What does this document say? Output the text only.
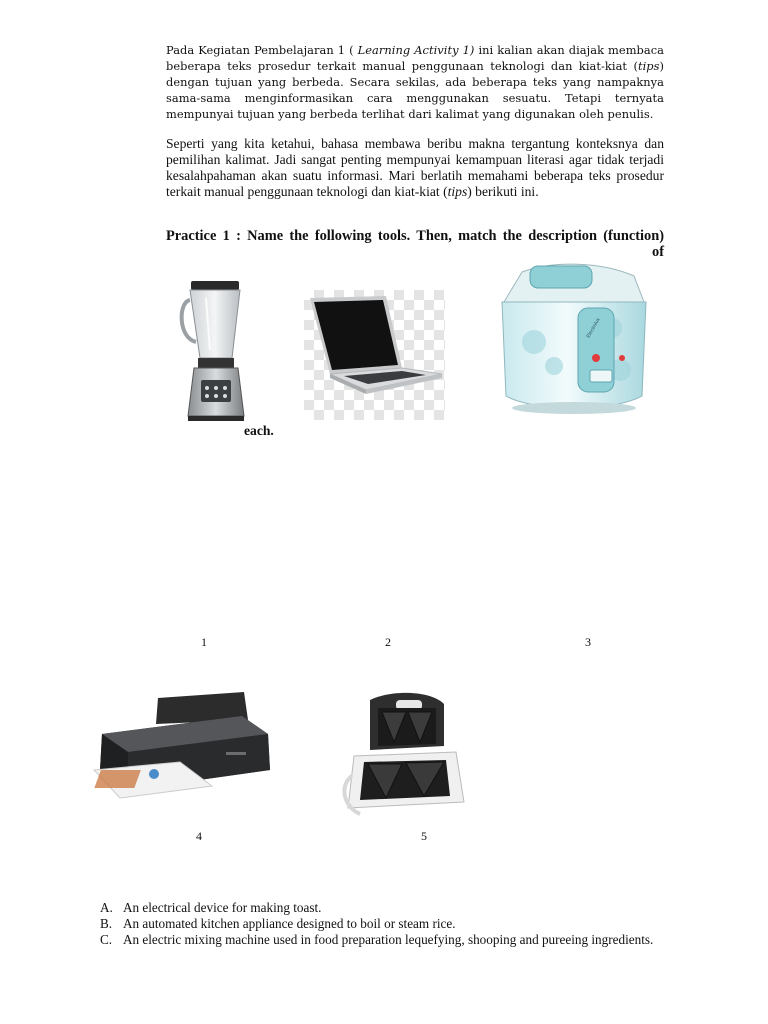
Pada Kegiatan Pembelajaran 1 ( Learning Activity 1) ini kalian akan diajak membaca beberapa teks prosedur terkait manual penggunaan teknologi dan kiat-kiat (tips) dengan tujuan yang berbeda. Secara sekilas, ada beberapa teks yang nampaknya sama-sama menginformasikan cara menggunakan sesuatu. Tetapi ternyata mempunyai tujuan yang berbeda terlihat dari kalimat yang digunakan oleh penulis.
Seperti yang kita ketahui, bahasa membawa beribu makna tergantung konteksnya dan pemilihan kalimat. Jadi sangat penting mempunyai kemampuan literasi agar tidak terjadi kesalahpahaman akan suatu informasi. Mari berlatih memahami beberapa teks prosedur terkait manual penggunaan teknologi dan kiat-kiat (tips) berikuti ini.
Practice 1 : Name the following tools. Then, match the description (function)
of
Electrolux
each.
1	2	3
4	5
A. An electrical device for making toast.
B. An automated kitchen appliance designed to boil or steam rice.
C. An electric mixing machine used in food preparation lequefying, shooping and pureeing ingredients.
